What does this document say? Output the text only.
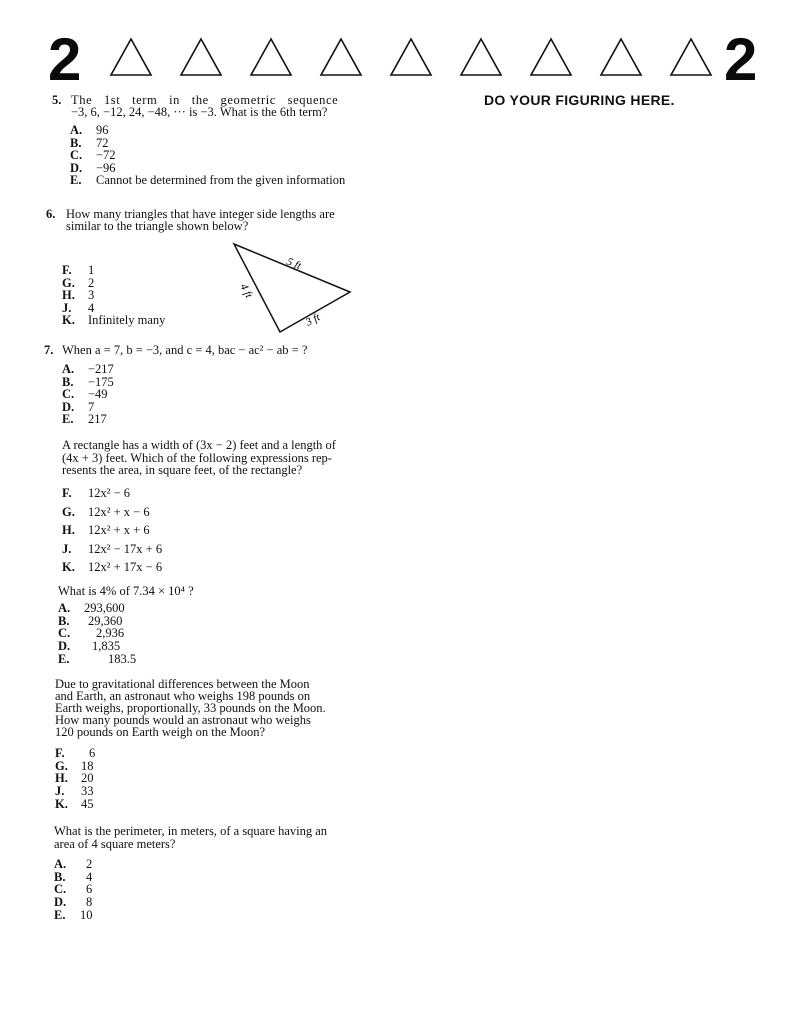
2	2
DO YOUR FIGURING HERE.
5. The 1st term in the geometric sequence
−3, 6, −12, 24, −48, ··· is −3. What is the 6th term?
A.	96
B.	72
C.	−72
D.	−96
E.	Cannot be determined from the given information
6. How many triangles that have integer side lengths are
similar to the triangle shown below?
F.	1
G.	2
H.	3
J.	4
K.	Infinitely many
5 ft
4 ft
3 ft
7. When a = 7, b = −3, and c = 4, bac − ac² − ab = ?
A.	−217
B.	−175
C.	−49
D.	7
E.	217
A rectangle has a width of (3x − 2) feet and a length of
(4x + 3) feet. Which of the following expressions rep-
resents the area, in square feet, of the rectangle?
F.	12x² − 6
G.	12x² + x − 6
H.	12x² + x + 6
J.	12x² − 17x + 6
K.	12x² + 17x − 6
What is 4% of 7.34 × 10⁴ ?
A.	293,600
B.	29,360
C.	2,936
D.	1,835
E.	183.5
Due to gravitational differences between the Moon
and Earth, an astronaut who weighs 198 pounds on
Earth weighs, proportionally, 33 pounds on the Moon.
How many pounds would an astronaut who weighs
120 pounds on Earth weigh on the Moon?
F.	6
G.	18
H.	20
J.	33
K.	45
What is the perimeter, in meters, of a square having an
area of 4 square meters?
A.	2
B.	4
C.	6
D.	8
E.	10
